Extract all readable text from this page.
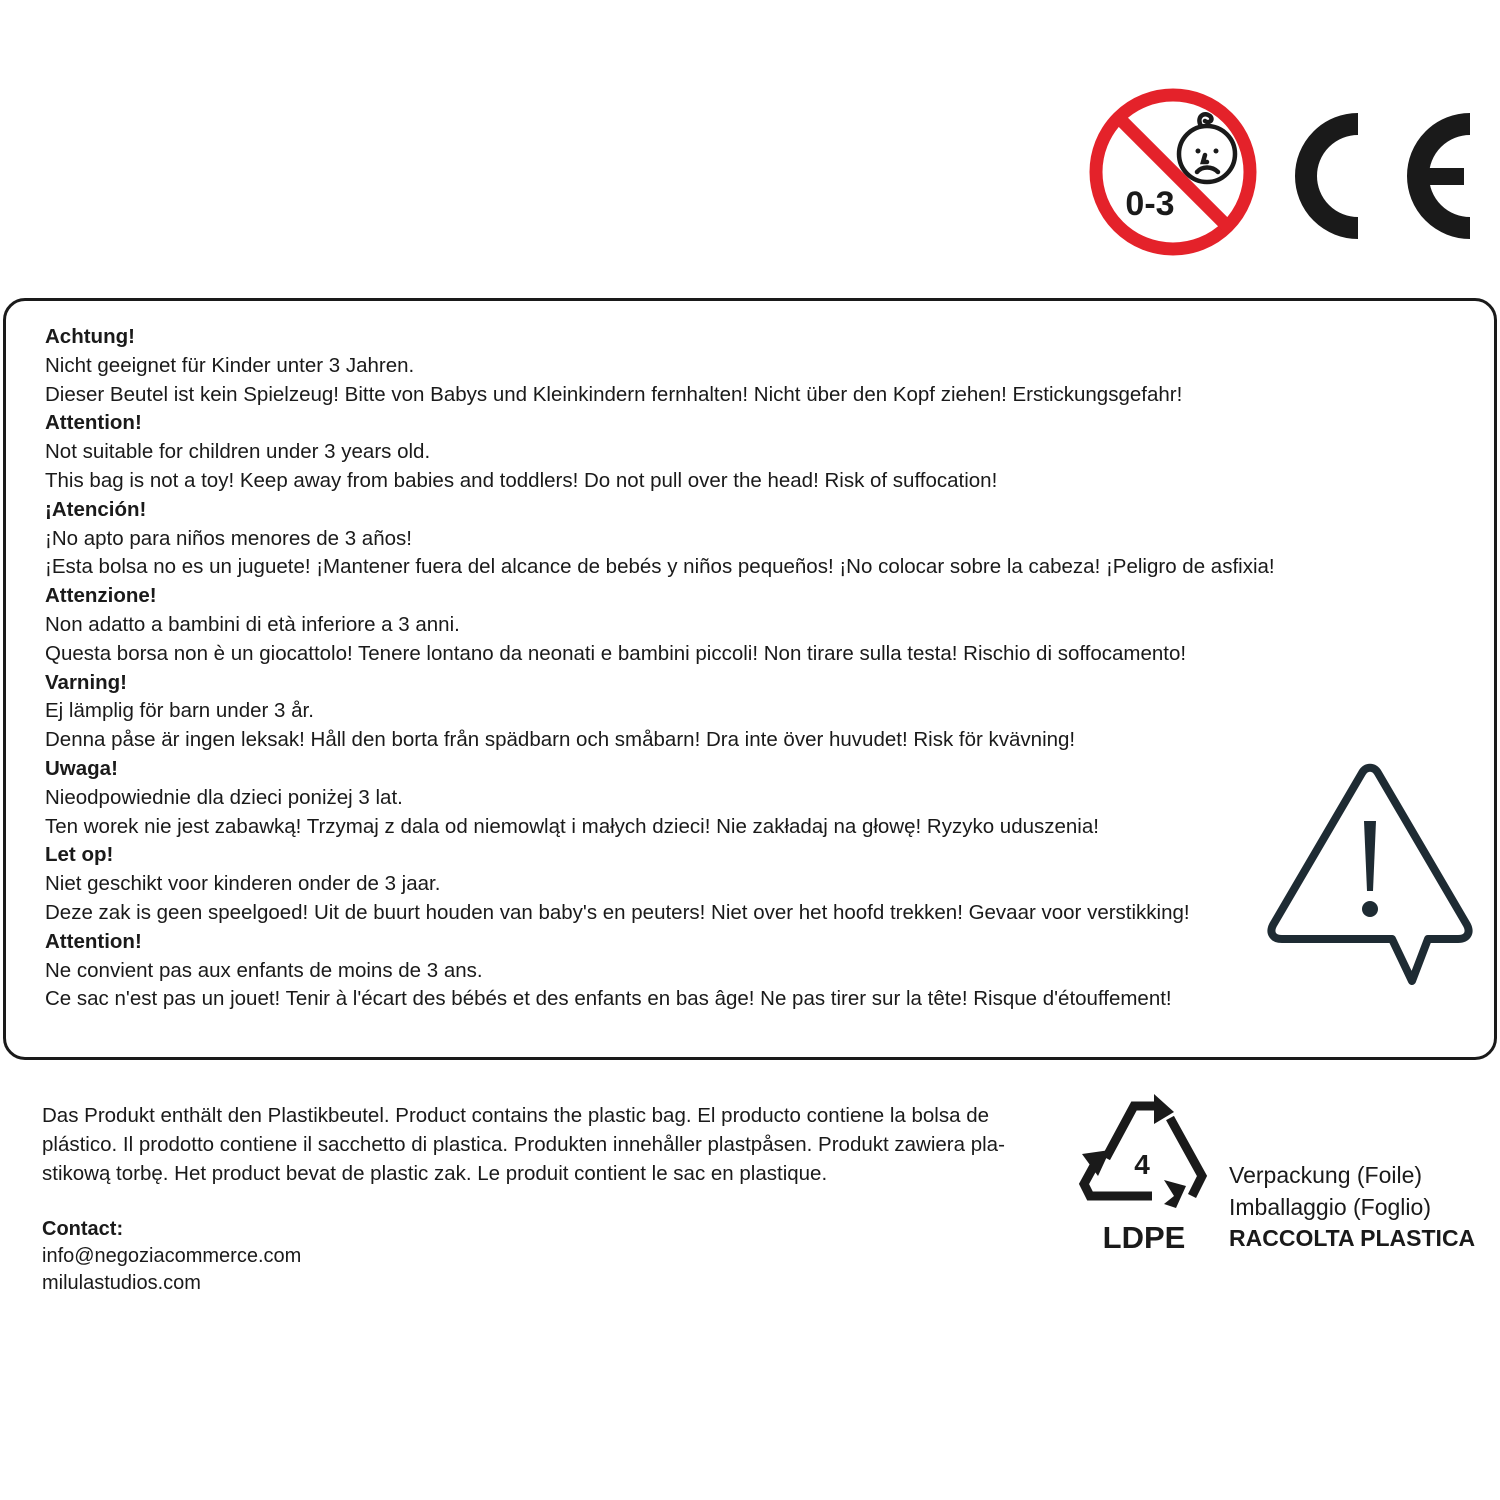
0-3
Achtung!
Nicht geeignet für Kinder unter 3 Jahren.
Dieser Beutel ist kein Spielzeug! Bitte von Babys und Kleinkindern fernhalten! Nicht über den Kopf ziehen! Erstickungsgefahr!
Attention!
Not suitable for children under 3 years old.
This bag is not a toy! Keep away from babies and toddlers! Do not pull over the head! Risk of suffocation!
¡Atención!
¡No apto para niños menores de 3 años!
¡Esta bolsa no es un juguete! ¡Mantener fuera del alcance de bebés y niños pequeños! ¡No colocar sobre la cabeza! ¡Peligro de asfixia!
Attenzione!
Non adatto a bambini di età inferiore a 3 anni.
Questa borsa non è un giocattolo! Tenere lontano da neonati e bambini piccoli! Non tirare sulla testa! Rischio di soffocamento!
Varning!
Ej lämplig för barn under 3 år.
Denna påse är ingen leksak! Håll den borta från spädbarn och småbarn! Dra inte över huvudet! Risk för kvävning!
Uwaga!
Nieodpowiednie dla dzieci poniżej 3 lat.
Ten worek nie jest zabawką! Trzymaj z dala od niemowląt i małych dzieci! Nie zakładaj na głowę! Ryzyko uduszenia!
Let op!
Niet geschikt voor kinderen onder de 3 jaar.
Deze zak is geen speelgoed! Uit de buurt houden van baby's en peuters! Niet over het hoofd trekken! Gevaar voor verstikking!
Attention!
Ne convient pas aux enfants de moins de 3 ans.
Ce sac n'est pas un jouet! Tenir à l'écart des bébés et des enfants en bas âge! Ne pas tirer sur la tête! Risque d'étouffement!
Das Produkt enthält den Plastikbeutel. Product contains the plastic bag. El producto contiene la bolsa de
plástico. Il prodotto contiene il sacchetto di plastica. Produkten innehåller plastpåsen. Produkt zawiera pla-
stikową torbę. Het product bevat de plastic zak. Le produit contient le sac en plastique.
Contact:
info@negoziacommerce.com
milulastudios.com
4
LDPE
Verpackung (Foile)
Imballaggio (Foglio)
RACCOLTA PLASTICA
